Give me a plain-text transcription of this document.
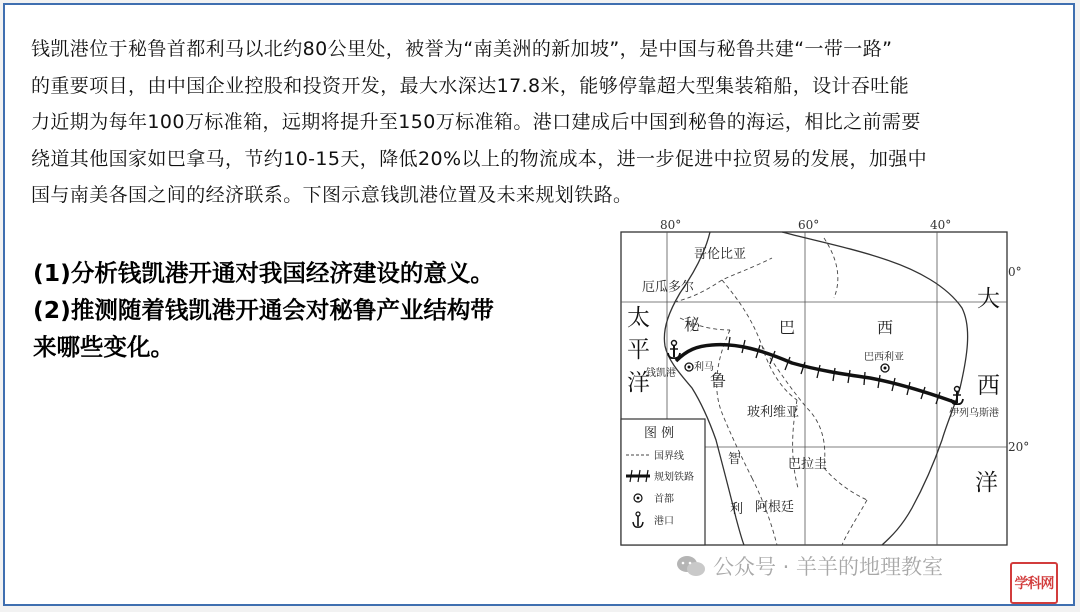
钱凯港位于秘鲁首都利马以北约80公里处，被誉为“南美洲的新加坡”，是中国与秘鲁共建“一带一路”

的重要项目，由中国企业控股和投资开发，最大水深达17.8米，能够停靠超大型集装箱船，设计吞吐能

力近期为每年100万标准箱，远期将提升至150万标准箱。港口建成后中国到秘鲁的海运，相比之前需要

绕道其他国家如巴拿马，节约10-15天，降低20%以上的物流成本，进一步促进中拉贸易的发展，加强中

国与南美各国之间的经济联系。下图示意钱凯港位置及未来规划铁路。

(1)分析钱凯港开通对我国经济建设的意义。

(2)推测随着钱凯港开通会对秘鲁产业结构带

来哪些变化。

80°	60°	40°
0°
20°
哥伦比亚
厄瓜多尔
秘
鲁
巴	西
玻利维亚
智
利
巴拉圭
阿根廷
太
平
洋
大
西
洋
钱凯港
利马
巴西利亚
伊列乌斯港
图 例
国界线
规划铁路
首都
港口
公众号 · 羊羊的地理教室
学科网
